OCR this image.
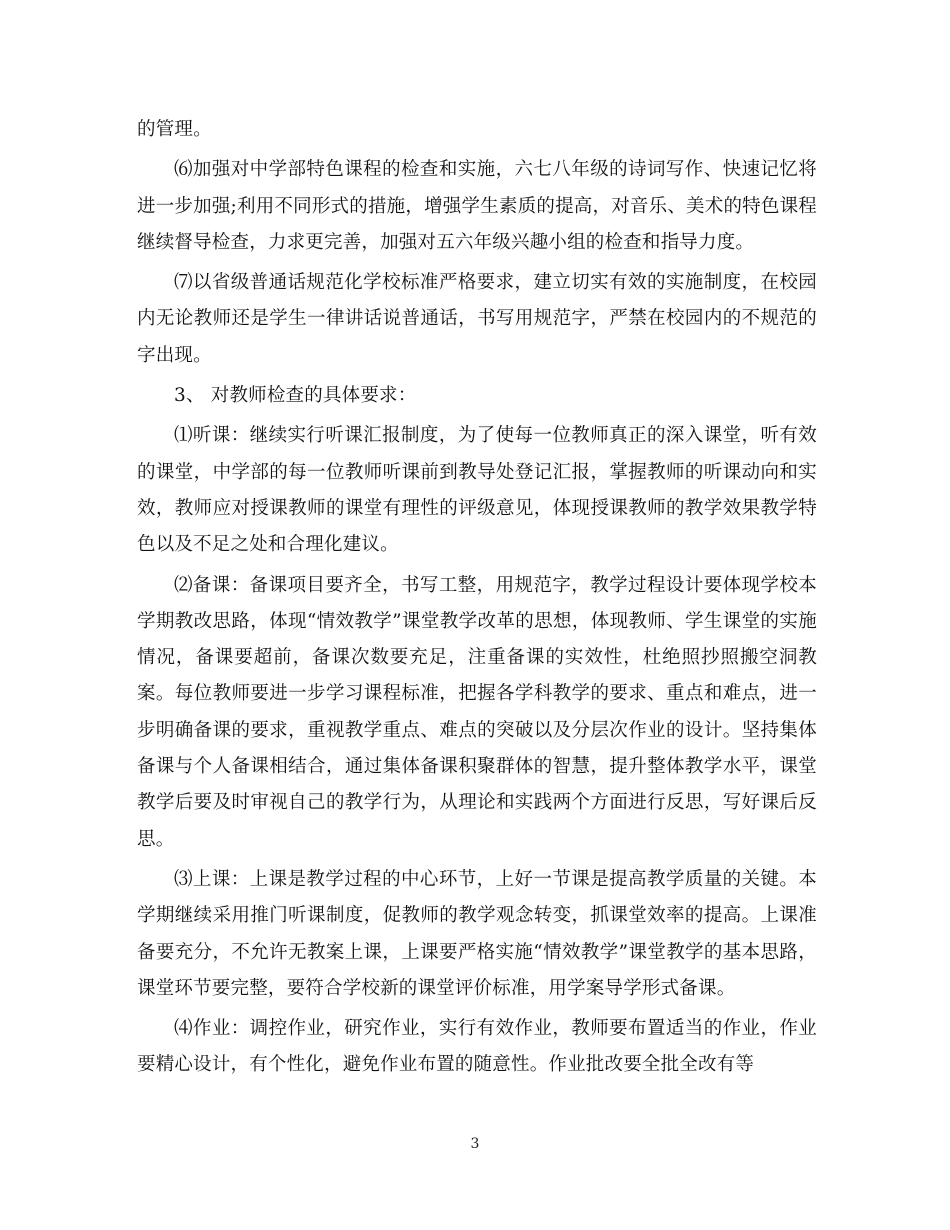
的管理。

⑹加强对中学部特色课程的检查和实施，六七八年级的诗词写作、快速记忆将进一步加强;利用不同形式的措施，增强学生素质的提高，对音乐、美术的特色课程继续督导检查，力求更完善，加强对五六年级兴趣小组的检查和指导力度。

⑺以省级普通话规范化学校标准严格要求，建立切实有效的实施制度，在校园内无论教师还是学生一律讲话说普通话，书写用规范字，严禁在校园内的不规范的字出现。

3、 对教师检查的具体要求：

⑴听课：继续实行听课汇报制度，为了使每一位教师真正的深入课堂，听有效的课堂，中学部的每一位教师听课前到教导处登记汇报，掌握教师的听课动向和实效，教师应对授课教师的课堂有理性的评级意见，体现授课教师的教学效果教学特色以及不足之处和合理化建议。

⑵备课：备课项目要齐全，书写工整，用规范字，教学过程设计要体现学校本学期教改思路，体现“情效教学”课堂教学改革的思想，体现教师、学生课堂的实施情况，备课要超前，备课次数要充足，注重备课的实效性，杜绝照抄照搬空洞教案。每位教师要进一步学习课程标准，把握各学科教学的要求、重点和难点，进一步明确备课的要求，重视教学重点、难点的突破以及分层次作业的设计。坚持集体备课与个人备课相结合，通过集体备课积聚群体的智慧，提升整体教学水平，课堂教学后要及时审视自己的教学行为，从理论和实践两个方面进行反思，写好课后反思。

⑶上课：上课是教学过程的中心环节，上好一节课是提高教学质量的关键。本学期继续采用推门听课制度，促教师的教学观念转变，抓课堂效率的提高。上课准备要充分，不允许无教案上课，上课要严格实施“情效教学”课堂教学的基本思路，课堂环节要完整，要符合学校新的课堂评价标准，用学案导学形式备课。

⑷作业：调控作业，研究作业，实行有效作业，教师要布置适当的作业，作业要精心设计，有个性化，避免作业布置的随意性。作业批改要全批全改有等

3
